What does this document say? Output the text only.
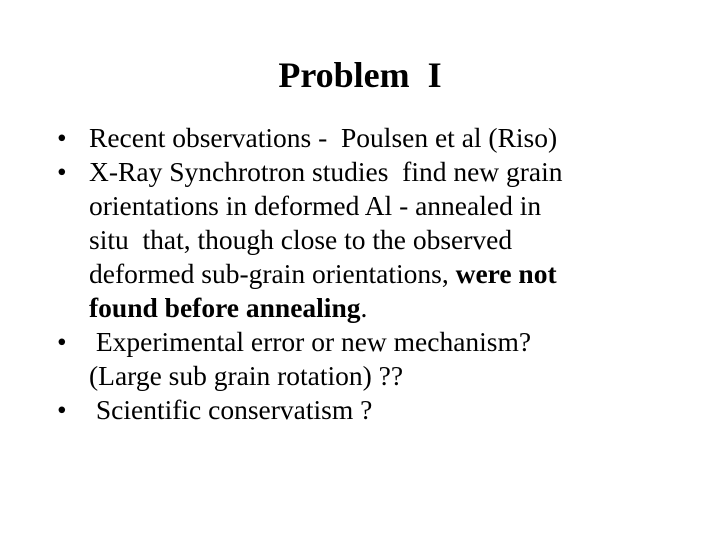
Problem  I
• Recent observations -  Poulsen et al (Riso)
• X-Ray Synchrotron studies  find new grain
orientations in deformed Al - annealed in
situ  that, though close to the observed
deformed sub-grain orientations, were not
found before annealing.
• Experimental error or new mechanism?
(Large sub grain rotation) ??
• Scientific conservatism ?
